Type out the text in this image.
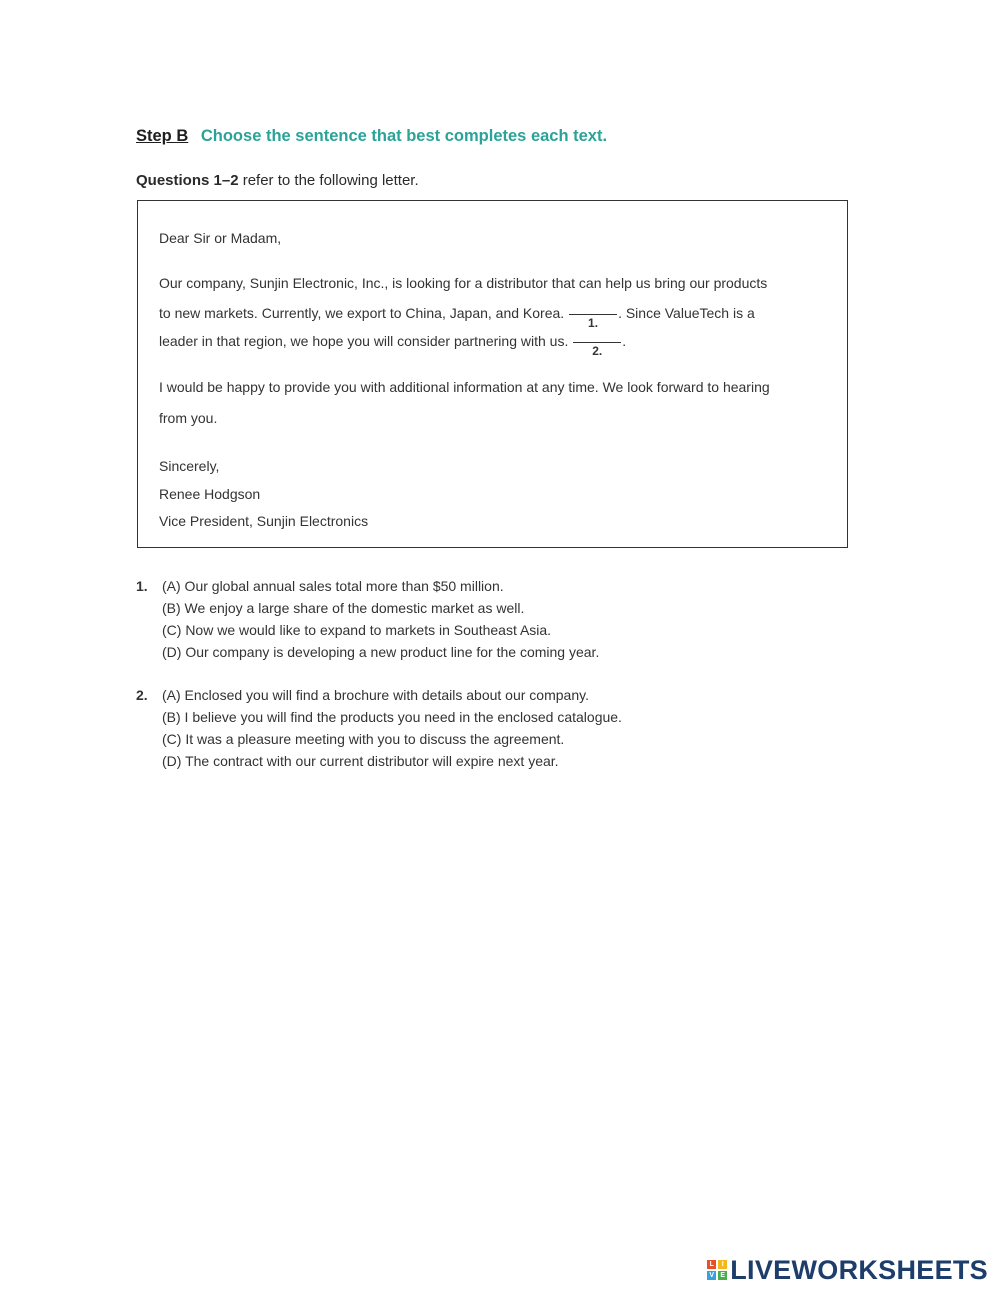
Step B Choose the sentence that best completes each text.
Questions 1–2 refer to the following letter.
Dear Sir or Madam,
Our company, Sunjin Electronic, Inc., is looking for a distributor that can help us bring our products
to new markets. Currently, we export to China, Japan, and Korea.
1.
. Since ValueTech is a
leader in that region, we hope you will consider partnering with us.
2.
.
I would be happy to provide you with additional information at any time. We look forward to hearing
from you.
Sincerely,
Renee Hodgson
Vice President, Sunjin Electronics
1. (A) Our global annual sales total more than $50 million.
(B) We enjoy a large share of the domestic market as well.
(C) Now we would like to expand to markets in Southeast Asia.
(D) Our company is developing a new product line for the coming year.
2. (A) Enclosed you will find a brochure with details about our company.
(B) I believe you will find the products you need in the enclosed catalogue.
(C) It was a pleasure meeting with you to discuss the agreement.
(D) The contract with our current distributor will expire next year.
L	I
V E LIVEWORKSHEETS
